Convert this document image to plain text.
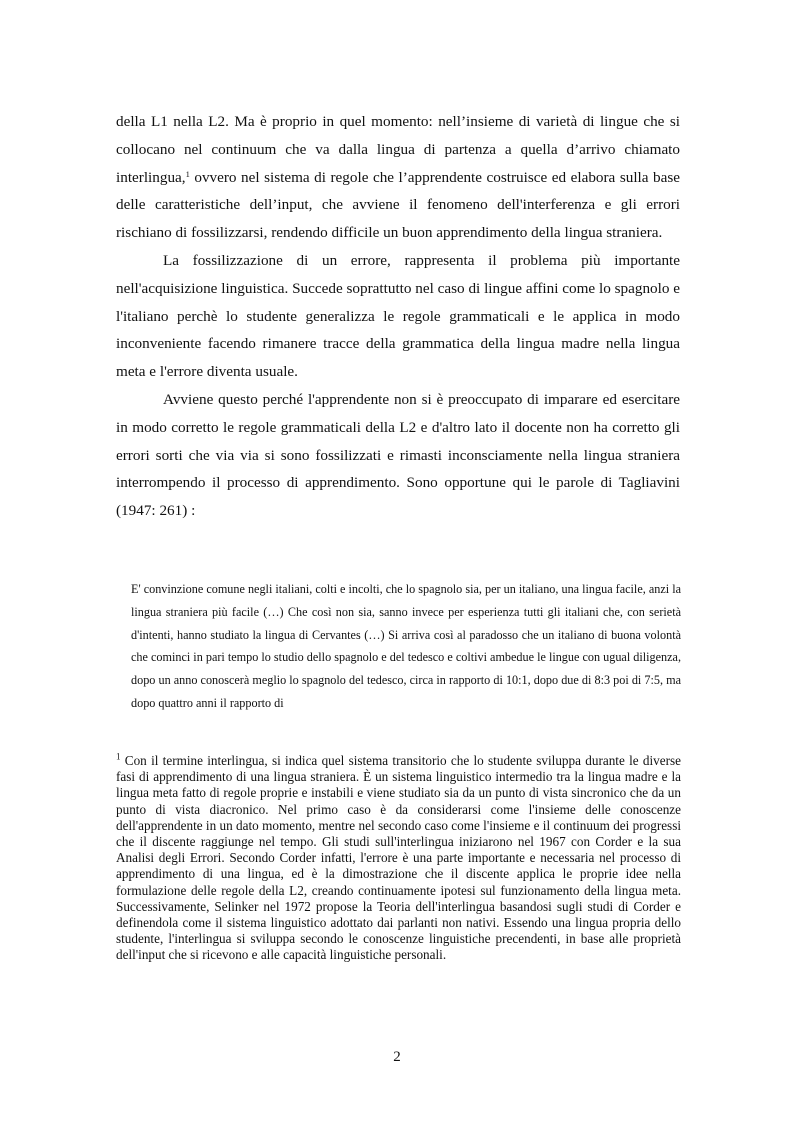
della L1 nella L2. Ma è proprio in quel momento: nell’insieme di varietà di lingue che si collocano nel continuum che va dalla lingua di partenza a quella d’arrivo chiamato interlingua,$^1$ ovvero nel sistema di regole che l’apprendente costruisce ed elabora sulla base delle caratteristiche dell’input, che avviene il fenomeno dell'interferenza e gli errori rischiano di fossilizzarsi, rendendo difficile un buon apprendimento della lingua straniera.

La fossilizzazione di un errore, rappresenta il problema più importante nell'acquisizione linguistica. Succede soprattutto nel caso di lingue affini come lo spagnolo e l'italiano perchè lo studente generalizza le regole grammaticali e le applica in modo inconveniente facendo rimanere tracce della grammatica della lingua madre nella lingua meta e l'errore diventa usuale.

Avviene questo perché l'apprendente non si è preoccupato di imparare ed esercitare in modo corretto le regole grammaticali della L2 e d'altro lato il docente non ha corretto gli errori sorti che via via si sono fossilizzati e rimasti inconsciamente nella lingua straniera interrompendo il processo di apprendimento. Sono opportune qui le parole di Tagliavini (1947: 261) :

E' convinzione comune negli italiani, colti e incolti, che lo spagnolo sia, per un italiano, una lingua facile, anzi la lingua straniera più facile (…) Che così non sia, sanno invece per esperienza tutti gli italiani che, con serietà d'intenti, hanno studiato la lingua di Cervantes (…) Si arriva così al paradosso che un italiano di buona volontà che cominci in pari tempo lo studio dello spagnolo e del tedesco e coltivi ambedue le lingue con ugual diligenza, dopo un anno conoscerà meglio lo spagnolo del tedesco, circa in rapporto di 10:1, dopo due di 8:3 poi di 7:5, ma dopo quattro anni il rapporto di

$^1$ Con il termine interlingua, si indica quel sistema transitorio che lo studente sviluppa durante le diverse fasi di apprendimento di una lingua straniera. È un sistema linguistico intermedio tra la lingua madre e la lingua meta fatto di regole proprie e instabili e viene studiato sia da un punto di vista sincronico che da un punto di vista diacronico. Nel primo caso è da considerarsi come l'insieme delle conoscenze dell'apprendente in un dato momento, mentre nel secondo caso come l'insieme e il continuum dei progressi che il discente raggiunge nel tempo. Gli studi sull'interlingua iniziarono nel 1967 con Corder e la sua Analisi degli Errori. Secondo Corder infatti, l'errore è una parte importante e necessaria nel processo di apprendimento di una lingua, ed è la dimostrazione che il discente applica le proprie idee nella formulazione delle regole della L2, creando continuamente ipotesi sul funzionamento della lingua meta. Successivamente, Selinker nel 1972 propose la Teoria dell'interlingua basandosi sugli studi di Corder e definendola come il sistema linguistico adottato dai parlanti non nativi. Essendo una lingua propria dello studente, l'interlingua si sviluppa secondo le conoscenze linguistiche precendenti, in base alle proprietà dell'input che si ricevono e alle capacità linguistiche personali.

2
